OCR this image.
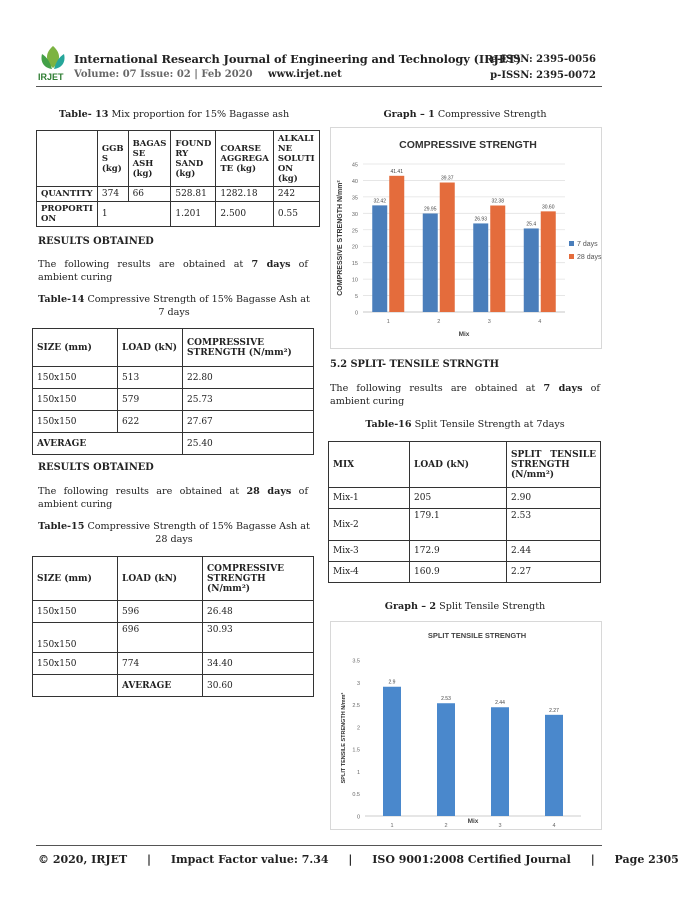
IRJET
International Research Journal of Engineering and Technology (IRJET)
Volume: 07 Issue: 02 | Feb 2020 www.irjet.net
e-ISSN: 2395-0056
p-ISSN: 2395-0072
Table- 13 Mix proportion for 15% Bagasse ash
	GGB S (kg)	BAGAS SE ASH (kg)	FOUND RY SAND (kg)	COARSE AGGREGA TE (kg)	ALKALI NE SOLUTI ON (kg)
QUANTITY	374	66	528.81	1282.18	242
PROPORTI ON	1		1.201	2.500	0.55
RESULTS OBTAINED
The following results are obtained at 7 days of ambient curing
Table-14 Compressive Strength of 15% Bagasse Ash at 7 days
SIZE (mm)	LOAD (kN)	COMPRESSIVE STRENGTH (N/mm²)
150x150	513	22.80
150x150	579	25.73
150x150	622	27.67
AVERAGE		25.40
RESULTS OBTAINED
The following results are obtained at 28 days of ambient curing
Table-15 Compressive Strength of 15% Bagasse Ash at 28 days
SIZE (mm)	LOAD (kN)	COMPRESSIVE STRENGTH (N/mm²)
150x150	596	26.48
150x150	696	30.93
150x150	774	34.40
	AVERAGE	30.60
Graph – 1 Compressive Strength
COMPRESSIVE STRENGTH
0
5
10
15
20
25
30
35
40
45
COMPRESSIVE STRENGTH N/mm²
1
32.42
41.41
2
29.95
39.37
3
26.93
32.38
4
25.4
30.60
Mix
7 days
28 days
5.2 SPLIT- TENSILE STRNGTH
The following results are obtained at 7 days of ambient curing
Table-16 Split Tensile Strength at 7days
MIX	LOAD (kN)	SPLIT TENSILE STRENGTH (N/mm²)
Mix-1	205	2.90
Mix-2	179.1	2.53
Mix-3	172.9	2.44
Mix-4	160.9	2.27
Graph – 2 Split Tensile Strength
SPLIT TENSILE STRENGTH
0
0.5
1
1.5
2
2.5
3
3.5
SPLIT TENSILE STRENGTH N/mm²
1
2.9
2
2.53
3
2.44
4
2.27
Mix
© 2020, IRJET | Impact Factor value: 7.34 | ISO 9001:2008 Certified Journal | Page 2305
